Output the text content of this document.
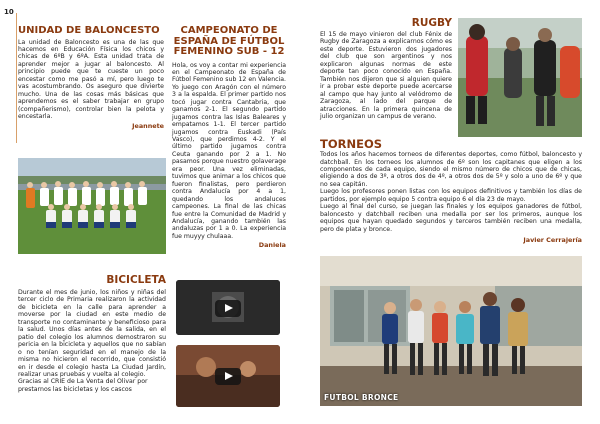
10
UNIDAD DE BALONCESTO

La unidad de Baloncesto es una de las que hacemos en Educación Física los chicos y chicas de 6ºB y 6ºA. Esta unidad trata de aprender mejor a jugar al baloncesto. Al principio puede que te cueste un poco encestar como me pasó a mí, pero luego te vas acostumbrando. Os aseguro que divierte mucho. Una de las cosas más básicas que aprendemos es el saber trabajar en grupo (compañerismo), controlar bien la pelota y encestarla.

Jeannete

CAMPEONATO DE ESPAÑA DE FÚTBOL FEMENINO SUB - 12

Hola, os voy a contar mi experiencia en el Campeonato de España de Fútbol Femenino sub 12 en Valencia. Yo juego con Aragón con el número 3 a la espalda. El primer partido nos tocó jugar contra Cantabria, que ganamos 2-1. El segundo partido jugamos contra las Islas Baleares y empatamos 1-1. El tercer partido jugamos contra Euskadi (País Vasco), que perdimos 4-2. Y el último partido jugamos contra Ceuta ganando por 2 a 1. No pasamos porque nuestro golaverage era peor. Una vez eliminadas, tuvimos que animar a los chicos que fueron finalistas, pero perdieron contra Andalucía por 4 a 1, quedando los andaluces campeones. La final de las chicas fue entre la Comunidad de Madrid y Andalucía, ganando también las andaluzas por 1 a 0. La experiencia fue muyyy chulaaa.

Daniela

BICICLETA

Durante el mes de junio, los niños y niñas del tercer ciclo de Primaria realizaron la actividad de bicicleta en la calle para aprender a moverse por la ciudad en este medio de transporte no contaminante y beneficioso para la salud. Unos días antes de la salida, en el patio del colegio los alumnos demostraron su pericia en la bicicleta y aquellos que no sabían o no tenían seguridad en el manejo de la misma no hicieron el recorrido, que consistió en ir desde el colegio hasta La Ciudad Jardín, realizar unas pruebas y vuelta al colegio.

Gracias al CRIE de La Venta del Olivar por prestarnos las bicicletas y los cascos

RUGBY

El 15 de mayo vinieron del club Fénix de Rugby de Zaragoza a explicarnos cómo es este deporte. Estuvieron dos jugadores del club que son argentinos y nos explicaron algunas normas de este deporte tan poco conocido en España. También nos dijeron que si alguien quiere ir a probar este deporte puede acercarse al campo que hay junto al velódromo de Zaragoza, al lado del parque de atracciones. En la primera quincena de julio organizan un campus de verano.

TORNEOS

Todos los años hacemos torneos de diferentes deportes, como fútbol, baloncesto y datchball. En los torneos los alumnos de 6º son los capitanes que eligen a los componentes de cada equipo, siendo el mismo número de chicos que de chicas, eligiendo a dos de 3º, a otros dos de 4º, a otros dos de 5º y solo a uno de 6º y que no sea capitán.

Luego los profesores ponen listas con los equipos definitivos y también los días de partidos, por ejemplo equipo 5 contra equipo 6 el día 23 de mayo.

Luego al final del curso, se juegan las finales y los equipos ganadores de fútbol, baloncesto y datchball reciben una medalla por ser los primeros, aunque los equipos que hayan quedado segundos y terceros también reciben una medalla, pero de plata y bronce.

Javier Cerrajería

FUTBOL BRONCE
